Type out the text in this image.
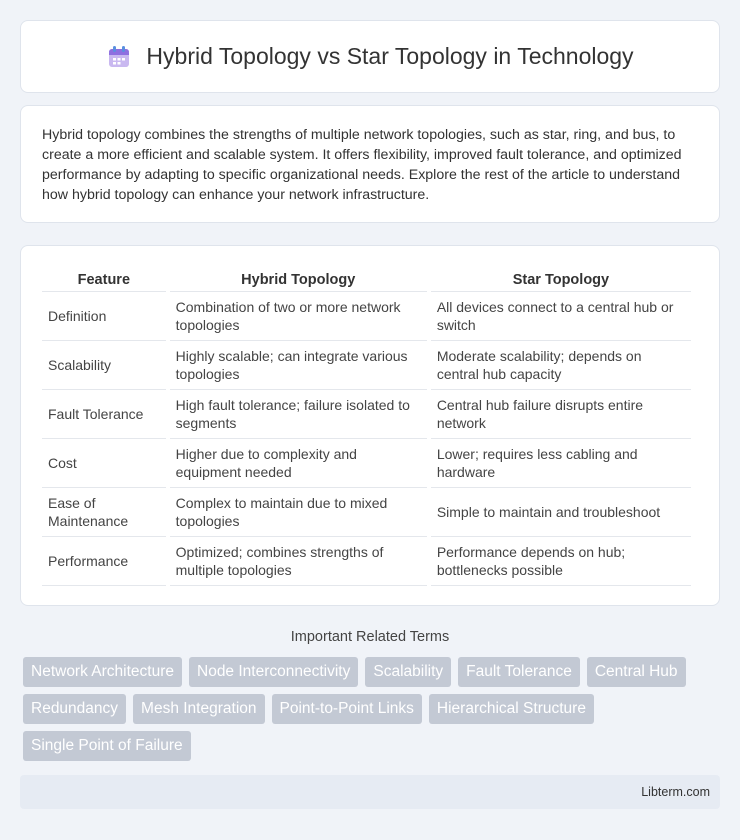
Hybrid Topology vs Star Topology in Technology

Hybrid topology combines the strengths of multiple network topologies, such as star, ring, and bus, to create a more efficient and scalable system. It offers flexibility, improved fault tolerance, and optimized performance by adapting to specific organizational needs. Explore the rest of the article to understand how hybrid topology can enhance your network infrastructure.

Feature	Hybrid Topology	Star Topology
Definition	Combination of two or more network topologies	All devices connect to a central hub or switch
Scalability	Highly scalable; can integrate various topologies	Moderate scalability; depends on central hub capacity
Fault Tolerance	High fault tolerance; failure isolated to segments	Central hub failure disrupts entire network
Cost	Higher due to complexity and equipment needed	Lower; requires less cabling and hardware
Ease of Maintenance	Complex to maintain due to mixed topologies	Simple to maintain and troubleshoot
Performance	Optimized; combines strengths of multiple topologies	Performance depends on hub; bottlenecks possible
Important Related Terms
Network Architecture	Node Interconnectivity	Scalability	Fault Tolerance	Central Hub
Redundancy	Mesh Integration	Point-to-Point Links	Hierarchical Structure
Single Point of Failure
Libterm.com
